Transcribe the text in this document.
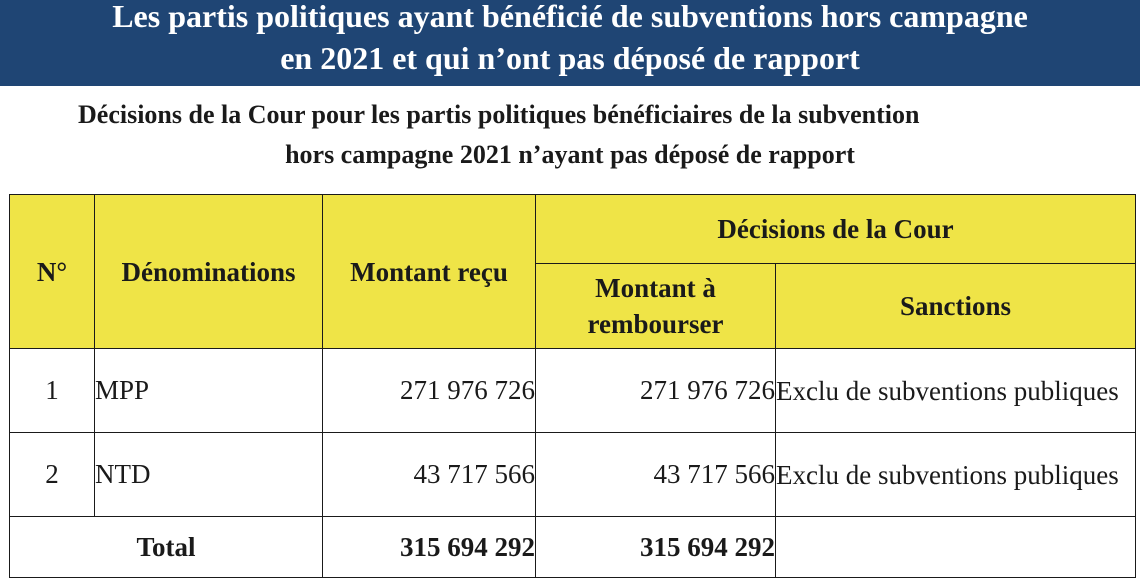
Les partis politiques ayant bénéficié de subventions hors campagne
en 2021 et qui n’ont pas déposé de rapport
Décisions de la Cour pour les partis politiques bénéficiaires de la subvention
hors campagne 2021 n’ayant pas déposé de rapport
N°	Dénominations	Montant reçu	Décisions de la Cour	
			Montant à rembourser	Sanctions
1	MPP	271 976 726	271 976 726	Exclu de subventions publiques
2	NTD	43 717 566	43 717 566	Exclu de subventions publiques
Total		315 694 292	315 694 292	
